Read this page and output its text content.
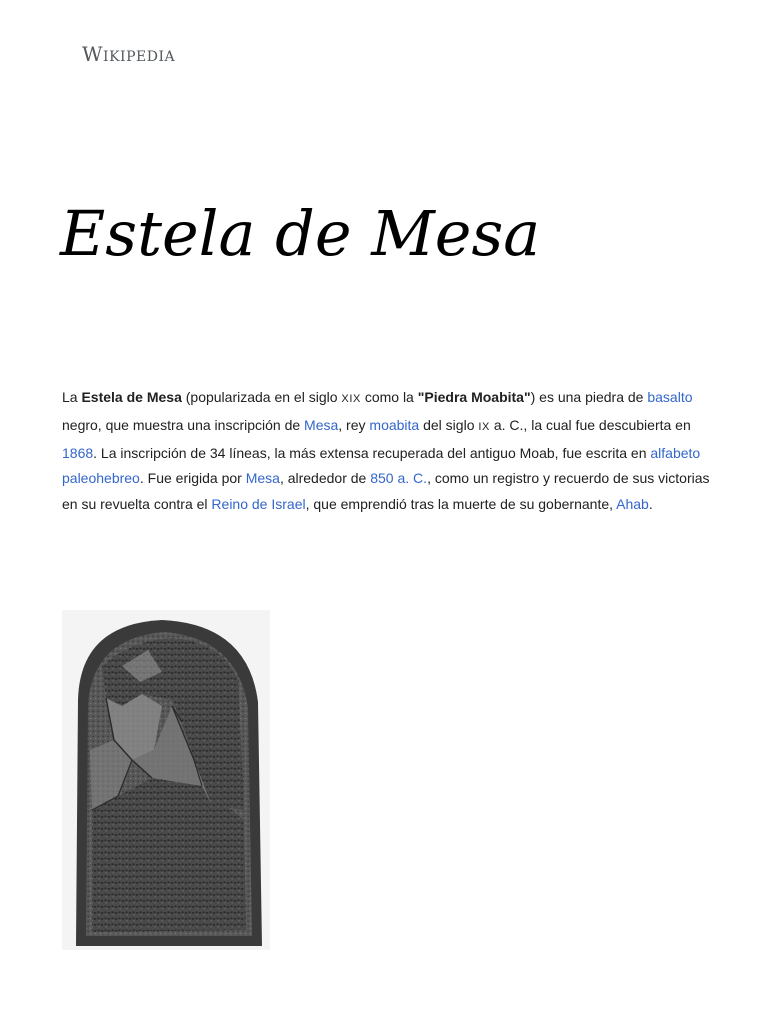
Wikipedia
Estela de Mesa

La Estela de Mesa (popularizada en el siglo XIX como la "Piedra Moabita") es una piedra de basalto negro, que muestra una inscripción de Mesa, rey moabita del siglo IX a. C., la cual fue descubierta en 1868. La inscripción de 34 líneas, la más extensa recuperada del antiguo Moab, fue escrita en alfabeto paleohebreo. Fue erigida por Mesa, alrededor de 850 a. C., como un registro y recuerdo de sus victorias en su revuelta contra el Reino de Israel, que emprendió tras la muerte de su gobernante, Ahab.
